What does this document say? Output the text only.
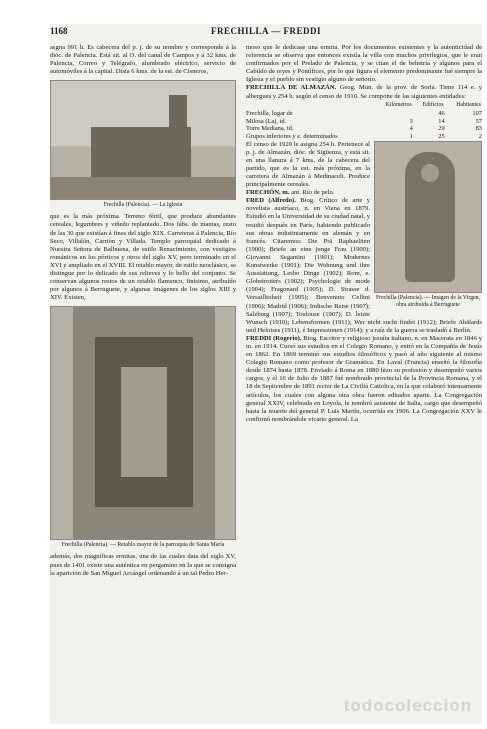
1168	FRECHILLA — FREDDI

asgna 991 h. Es cabecera del p. j. de su nombre y corresponde á la dióc. de Palencia. Está sit. al O. del canal de Campos y á 32 kms. de Palencia, Correo y Telégrafo, alumbrado eléctrico, servicio de automóviles á la capital. Dista 6 kms. de la est. de Cisneros,

Frechilla (Palencia). — La Iglesia

que es la más próxima. Terreno fértil, que produce abundantes cereales, legumbres y viñedo replantado. Dos fábs. de mantas, resto de las 30 que existían á fines del siglo XIX. Carreteras á Palencia, Río Seco, Villalón, Carrión y Villada. Templo parroquial dedicado á Nuestra Señora de Balbuena, de estilo Renacimiento, con vestigios románicos en los pórticos y otros del siglo XV, pero terminado en el XVI y ampliado en el XVIII. El retablo mayor, de estilo neoclásico, se distingue por lo delicado de sus relieves y lo bello del conjunto. Se conservan algunos restos de un retablo flamenco, finísimo, atribuído por algunos á Berruguete, y algunas imágenes de los siglos XIII y XIV. Existen,

Frechilla (Palencia). — Retablo mayor de la parroquia de Santa María

además, dos magníficas ermitas, una de las cuales data del siglo XV, pues de 1401 existe una auténtica en pergamino en la que se consigna la aparición de San Miguel Arcángel ordenando á un tal Pedro Her-

moso que le dedicase una ermita. Por los documentos existentes y la autenticidad de referencia se observa que entonces existía la villa con muchos privilegios, que le eran confirmados por el Prelado de Palencia, y se citan el de behetría y algunos para el Cabildo de reyes y Pontífices, por lo que figura el elemento predominante fué siempre la Iglesia y el pueblo sin vestigio alguno de señorío.

FRECHILLA DE ALMAZÁN. Geog. Mun. de la prov. de Soria. Tiene 114 e. y albergues y 254 h. según el censo de 1910. Se compone de las siguientes entidades:

	Kilómetros	Edificios	Habitantes
Frechilla, lugar de		46	107
Milosa (La), id.	3	14	57
Torre Mediana, id.	4	29	83
Grupos inferiores y e. determinados	1	25	2
Frechilla (Palencia). — Imagen de la Virgen, obra atribuída á Berruguete

El censo de 1920 le asigna 254 h. Pertenece al p. j. de Almazán, dióc. de Sigüenza, y está sit. en una llanura á 7 kms. de la cabecera del partido, que es la est. más próxima, en la carretera de Almazán á Medinaceli. Produce principalmente cereales.

FRECHÓN, m. ant. Río de pelo.

FRED (Alfredo). Biog. Crítico de arte y novelista austríaco, n. en Viena en 1879. Estudió en la Universidad de su ciudad natal, y residió después en París, habiendo publicado sus obras indistintamente en alemán y en francés. Citaremos: Die Prä Raphaeliten (1900); Briefe an eine junge Frau (1900); Giovanni Segantini (1901); Modernes Kunstwerke (1901); Die Wohnung und ihre Ausstattung, Lesbo Dinge (1902); Rom, e. Globetrotters (1902); Psychologie de mode (1904); Fragonard (1905); D. Strasse d. Versaillesheit (1905); Benvenuto Cellini (1906); Madrid (1906); Indische Reise (1907); Salzburg (1907); Toulouse (1907); D. letzte Wunsch (1910); Lebensformen (1911); Wer nicht sucht findet (1912); Briefe Abälards und Heloises (1911), é Impressionen (1914); y a raíz de la guerra se trasladó á Berlín.

FREDDI (Rogerio). Biog. Escritor y religioso jesuíta italiano, n. en Macerata en 1846 y m. en 1914. Cursó sus estudios en el Colegio Romano, y entró en la Compañía de Jesús en 1862. En 1869 terminó sus estudios filosóficos y pasó al año siguiente al mismo Colegio Romano como profesor de Gramática. En Laval (Francia) enseñó la filosofía desde 1874 hasta 1878. Enviado á Roma en 1880 hizo su profesión y desempeñó varios cargos, y el 16 de Julio de 1887 fué nombrado provincial de la Provincia Romana, y el 18 de Septiembre de 1891 rector de La Civiltà Cattolica, en la que colaboró intensamente artículos, los cuales con alguna otra obra fueron editados aparte. La Congregación general XXIV, celebrada en Loyola, le nombró asistente de Italia, cargo que desempeñó hasta la muerte del general P. Luis Martín, ocurrida en 1906. La Congregación XXV le confirmó nombrándole vicario general. La

todocoleccion
